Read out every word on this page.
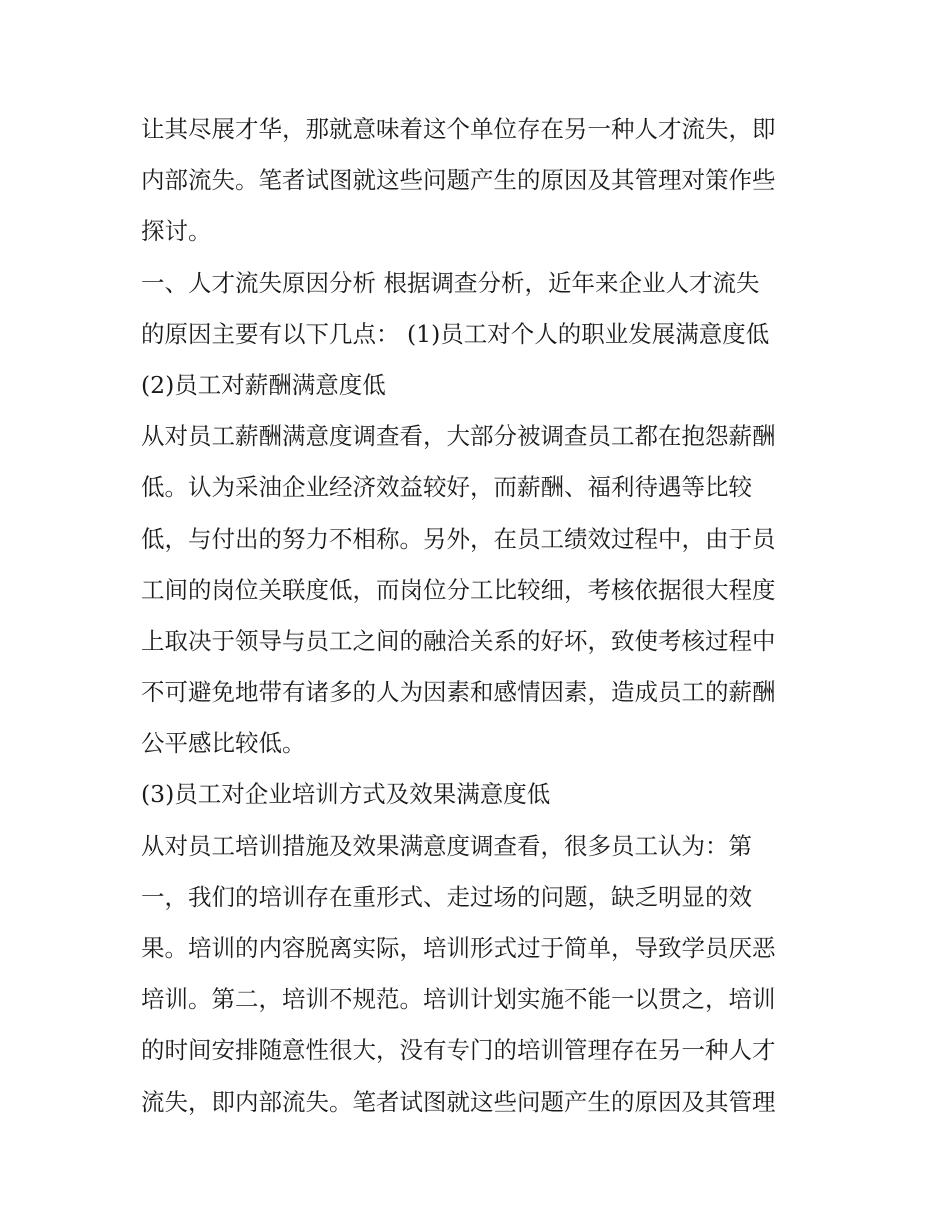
让其尽展才华，那就意味着这个单位存在另一种人才流失，即
内部流失。笔者试图就这些问题产生的原因及其管理对策作些
探讨。
一、人才流失原因分析 根据调查分析，近年来企业人才流失
的原因主要有以下几点： (1)员工对个人的职业发展满意度低
(2)员工对薪酬满意度低
从对员工薪酬满意度调查看，大部分被调查员工都在抱怨薪酬
低。认为采油企业经济效益较好，而薪酬、福利待遇等比较
低，与付出的努力不相称。另外，在员工绩效过程中，由于员
工间的岗位关联度低，而岗位分工比较细，考核依据很大程度
上取决于领导与员工之间的融洽关系的好坏，致使考核过程中
不可避免地带有诸多的人为因素和感情因素，造成员工的薪酬
公平感比较低。
(3)员工对企业培训方式及效果满意度低
从对员工培训措施及效果满意度调查看，很多员工认为：第
一，我们的培训存在重形式、走过场的问题，缺乏明显的效
果。培训的内容脱离实际，培训形式过于简单，导致学员厌恶
培训。第二，培训不规范。培训计划实施不能一以贯之，培训
的时间安排随意性很大，没有专门的培训管理存在另一种人才
流失，即内部流失。笔者试图就这些问题产生的原因及其管理
